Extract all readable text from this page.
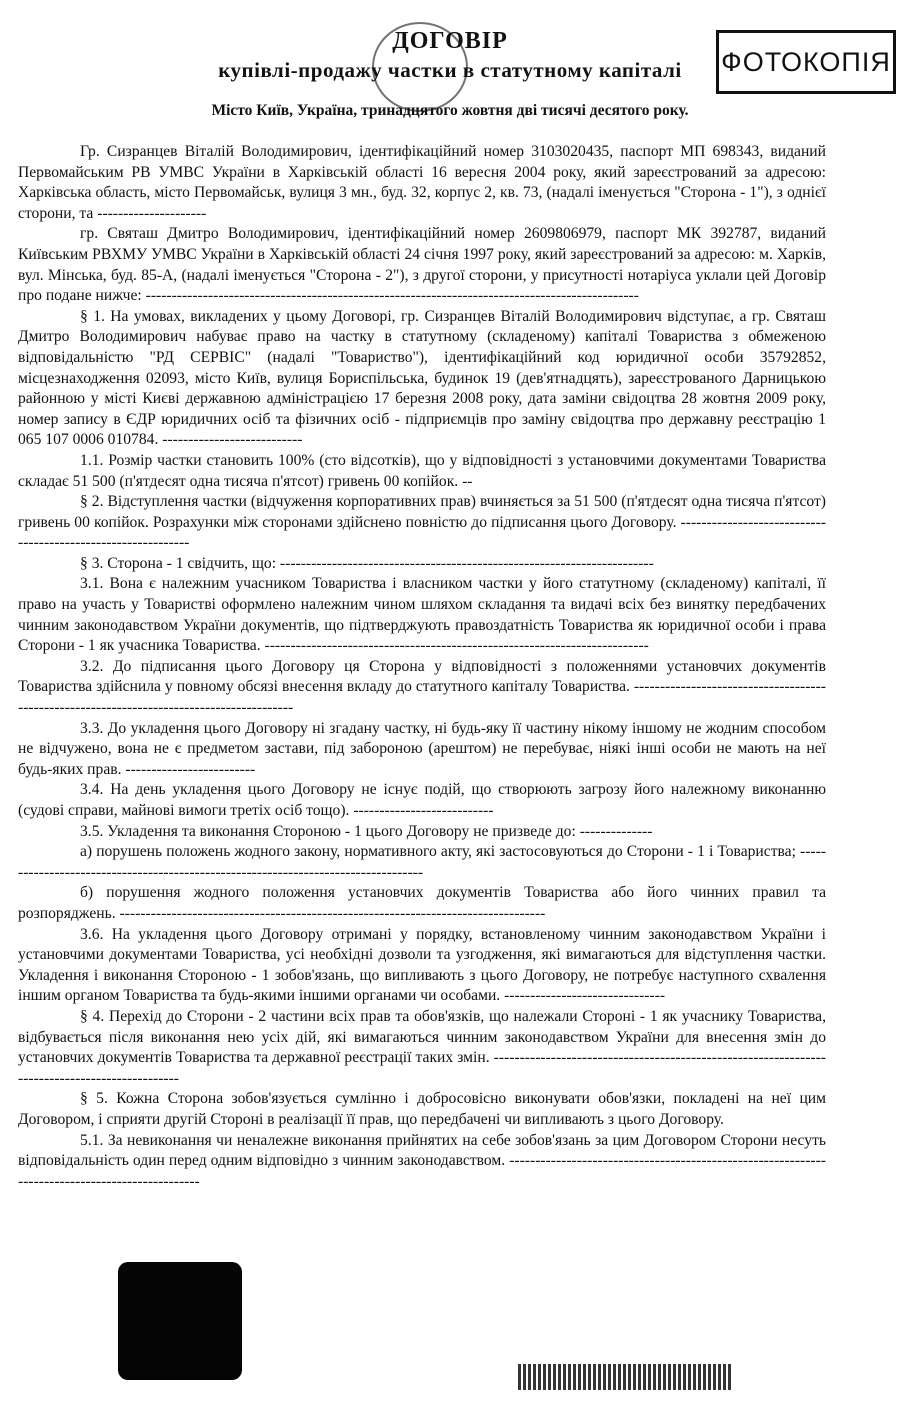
ФОТОКОПІЯ
ДОГОВІР
купівлі-продажу частки в статутному капіталі
Місто Київ, Україна, тринадцятого жовтня дві тисячі десятого року.

Гр. Сизранцев Віталій Володимирович, ідентифікаційний номер 3103020435, паспорт МП 698343, виданий Первомайським РВ УМВС України в Харківській області 16 вересня 2004 року, який зареєстрований за адресою: Харківська область, місто Первомайськ, вулиця 3 мн., буд. 32, корпус 2, кв. 73, (надалі іменується "Сторона - 1"), з однієї сторони, та ---------------------

гр. Святаш Дмитро Володимирович, ідентифікаційний номер 2609806979, паспорт МК 392787, виданий Київським РВХМУ УМВС України в Харківській області 24 січня 1997 року, який зареєстрований за адресою: м. Харків, вул. Мінська, буд. 85-А, (надалі іменується "Сторона - 2"), з другої сторони, у присутності нотаріуса уклали цей Договір про подане нижче: -----------------------------------------------------------------------------------------------

§ 1. На умовах, викладених у цьому Договорі, гр. Сизранцев Віталій Володимирович відступає, а гр. Святаш Дмитро Володимирович набуває право на частку в статутному (складеному) капіталі Товариства з обмеженою відповідальністю "РД СЕРВІС" (надалі "Товариство"), ідентифікаційний код юридичної особи 35792852, місцезнаходження 02093, місто Київ, вулиця Бориспільська, будинок 19 (дев'ятнадцять), зареєстрованого Дарницькою районною у місті Києві державною адміністрацією 17 березня 2008 року, дата заміни свідоцтва 28 жовтня 2009 року, номер запису в ЄДР юридичних осіб та фізичних осіб - підприємців про заміну свідоцтва про державну реєстрацію 1 065 107 0006 010784. ---------------------------

1.1. Розмір частки становить 100% (сто відсотків), що у відповідності з установчими документами Товариства складає 51 500 (п'ятдесят одна тисяча п'ятсот) гривень 00 копійок. --

§ 2. Відступлення частки (відчуження корпоративних прав) вчиняється за 51 500 (п'ятдесят одна тисяча п'ятсот) гривень 00 копійок. Розрахунки між сторонами здійснено повністю до підписання цього Договору. -------------------------------------------------------------

§ 3. Сторона - 1 свідчить, що: ------------------------------------------------------------------------

3.1. Вона є належним учасником Товариства і власником частки у його статутному (складеному) капіталі, її право на участь у Товаристві оформлено належним чином шляхом складання та видачі всіх без винятку передбачених чинним законодавством України документів, що підтверджують правоздатність Товариства як юридичної особи і права Сторони - 1 як учасника Товариства. --------------------------------------------------------------------------

3.2. До підписання цього Договору ця Сторона у відповідності з положеннями установчих документів Товариства здійснила у повному обсязі внесення вкладу до статутного капіталу Товариства. ------------------------------------------------------------------------------------------

3.3. До укладення цього Договору ні згадану частку, ні будь-яку її частину нікому іншому не жодним способом не відчужено, вона не є предметом застави, під забороною (арештом) не перебуває, ніякі інші особи не мають на неї будь-яких прав. -------------------------

3.4. На день укладення цього Договору не існує подій, що створюють загрозу його належному виконанню (судові справи, майнові вимоги третіх осіб тощо). ---------------------------

3.5. Укладення та виконання Стороною - 1 цього Договору не призведе до: --------------

а) порушень положень жодного закону, нормативного акту, які застосовуються до Сторони - 1 і Товариства; -----------------------------------------------------------------------------------

б) порушення жодного положення установчих документів Товариства або його чинних правил та розпоряджень. ----------------------------------------------------------------------------------

3.6. На укладення цього Договору отримані у порядку, встановленому чинним законодавством України і установчими документами Товариства, усі необхідні дозволи та узгодження, які вимагаються для відступлення частки. Укладення і виконання Стороною - 1 зобов'язань, що випливають з цього Договору, не потребує наступного схвалення іншим органом Товариства та будь-якими іншими органами чи особами. -------------------------------

§ 4. Перехід до Сторони - 2 частини всіх прав та обов'язків, що належали Стороні - 1 як учаснику Товариства, відбувається після виконання нею усіх дій, які вимагаються чинним законодавством України для внесення змін до установчих документів Товариства та державної реєстрації таких змін. -----------------------------------------------------------------------------------------------

§ 5. Кожна Сторона зобов'язується сумлінно і добросовісно виконувати обов'язки, покладені на неї цим Договором, і сприяти другій Стороні в реалізації її прав, що передбачені чи випливають з цього Договору.

5.1. За невиконання чи неналежне виконання прийнятих на себе зобов'язань за цим Договором Сторони несуть відповідальність один перед одним відповідно з чинним законодавством. ------------------------------------------------------------------------------------------------
